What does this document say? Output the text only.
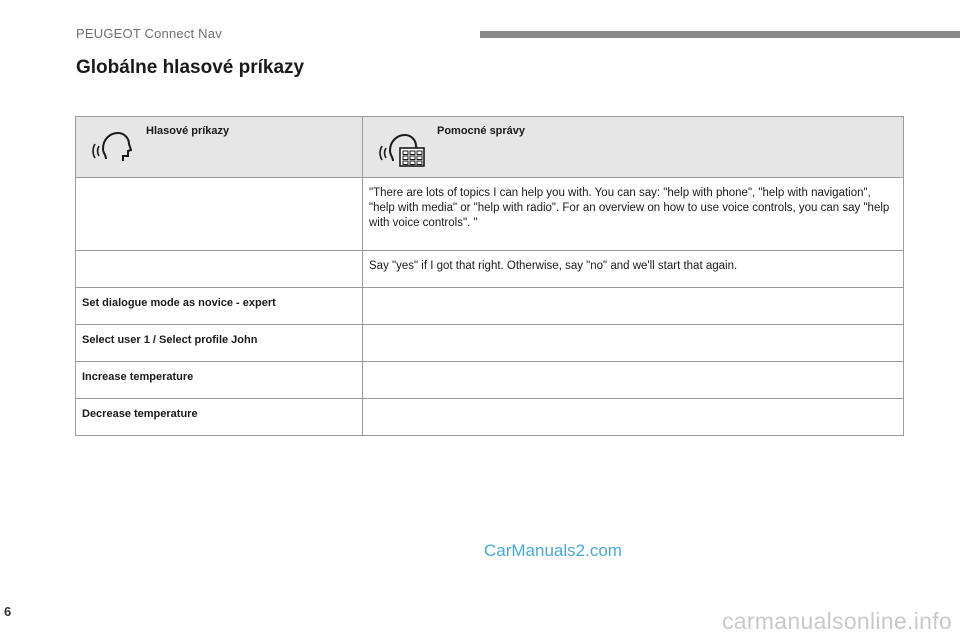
PEUGEOT Connect Nav
Globálne hlasové príkazy
Hlasové príkazy	Pomocné správy

	"There are lots of topics I can help you with. You can say: "help with phone", "help with navigation", "help with media" or "help with radio". For an overview on how to use voice controls, you can say "help with voice controls". "
	Say "yes" if I got that right. Otherwise, say "no" and we'll start that again.
Set dialogue mode as novice - expert	
Select user 1 / Select profile John	
Increase temperature	
Decrease temperature	
6
CarManuals2.com
carmanualsonline.info
